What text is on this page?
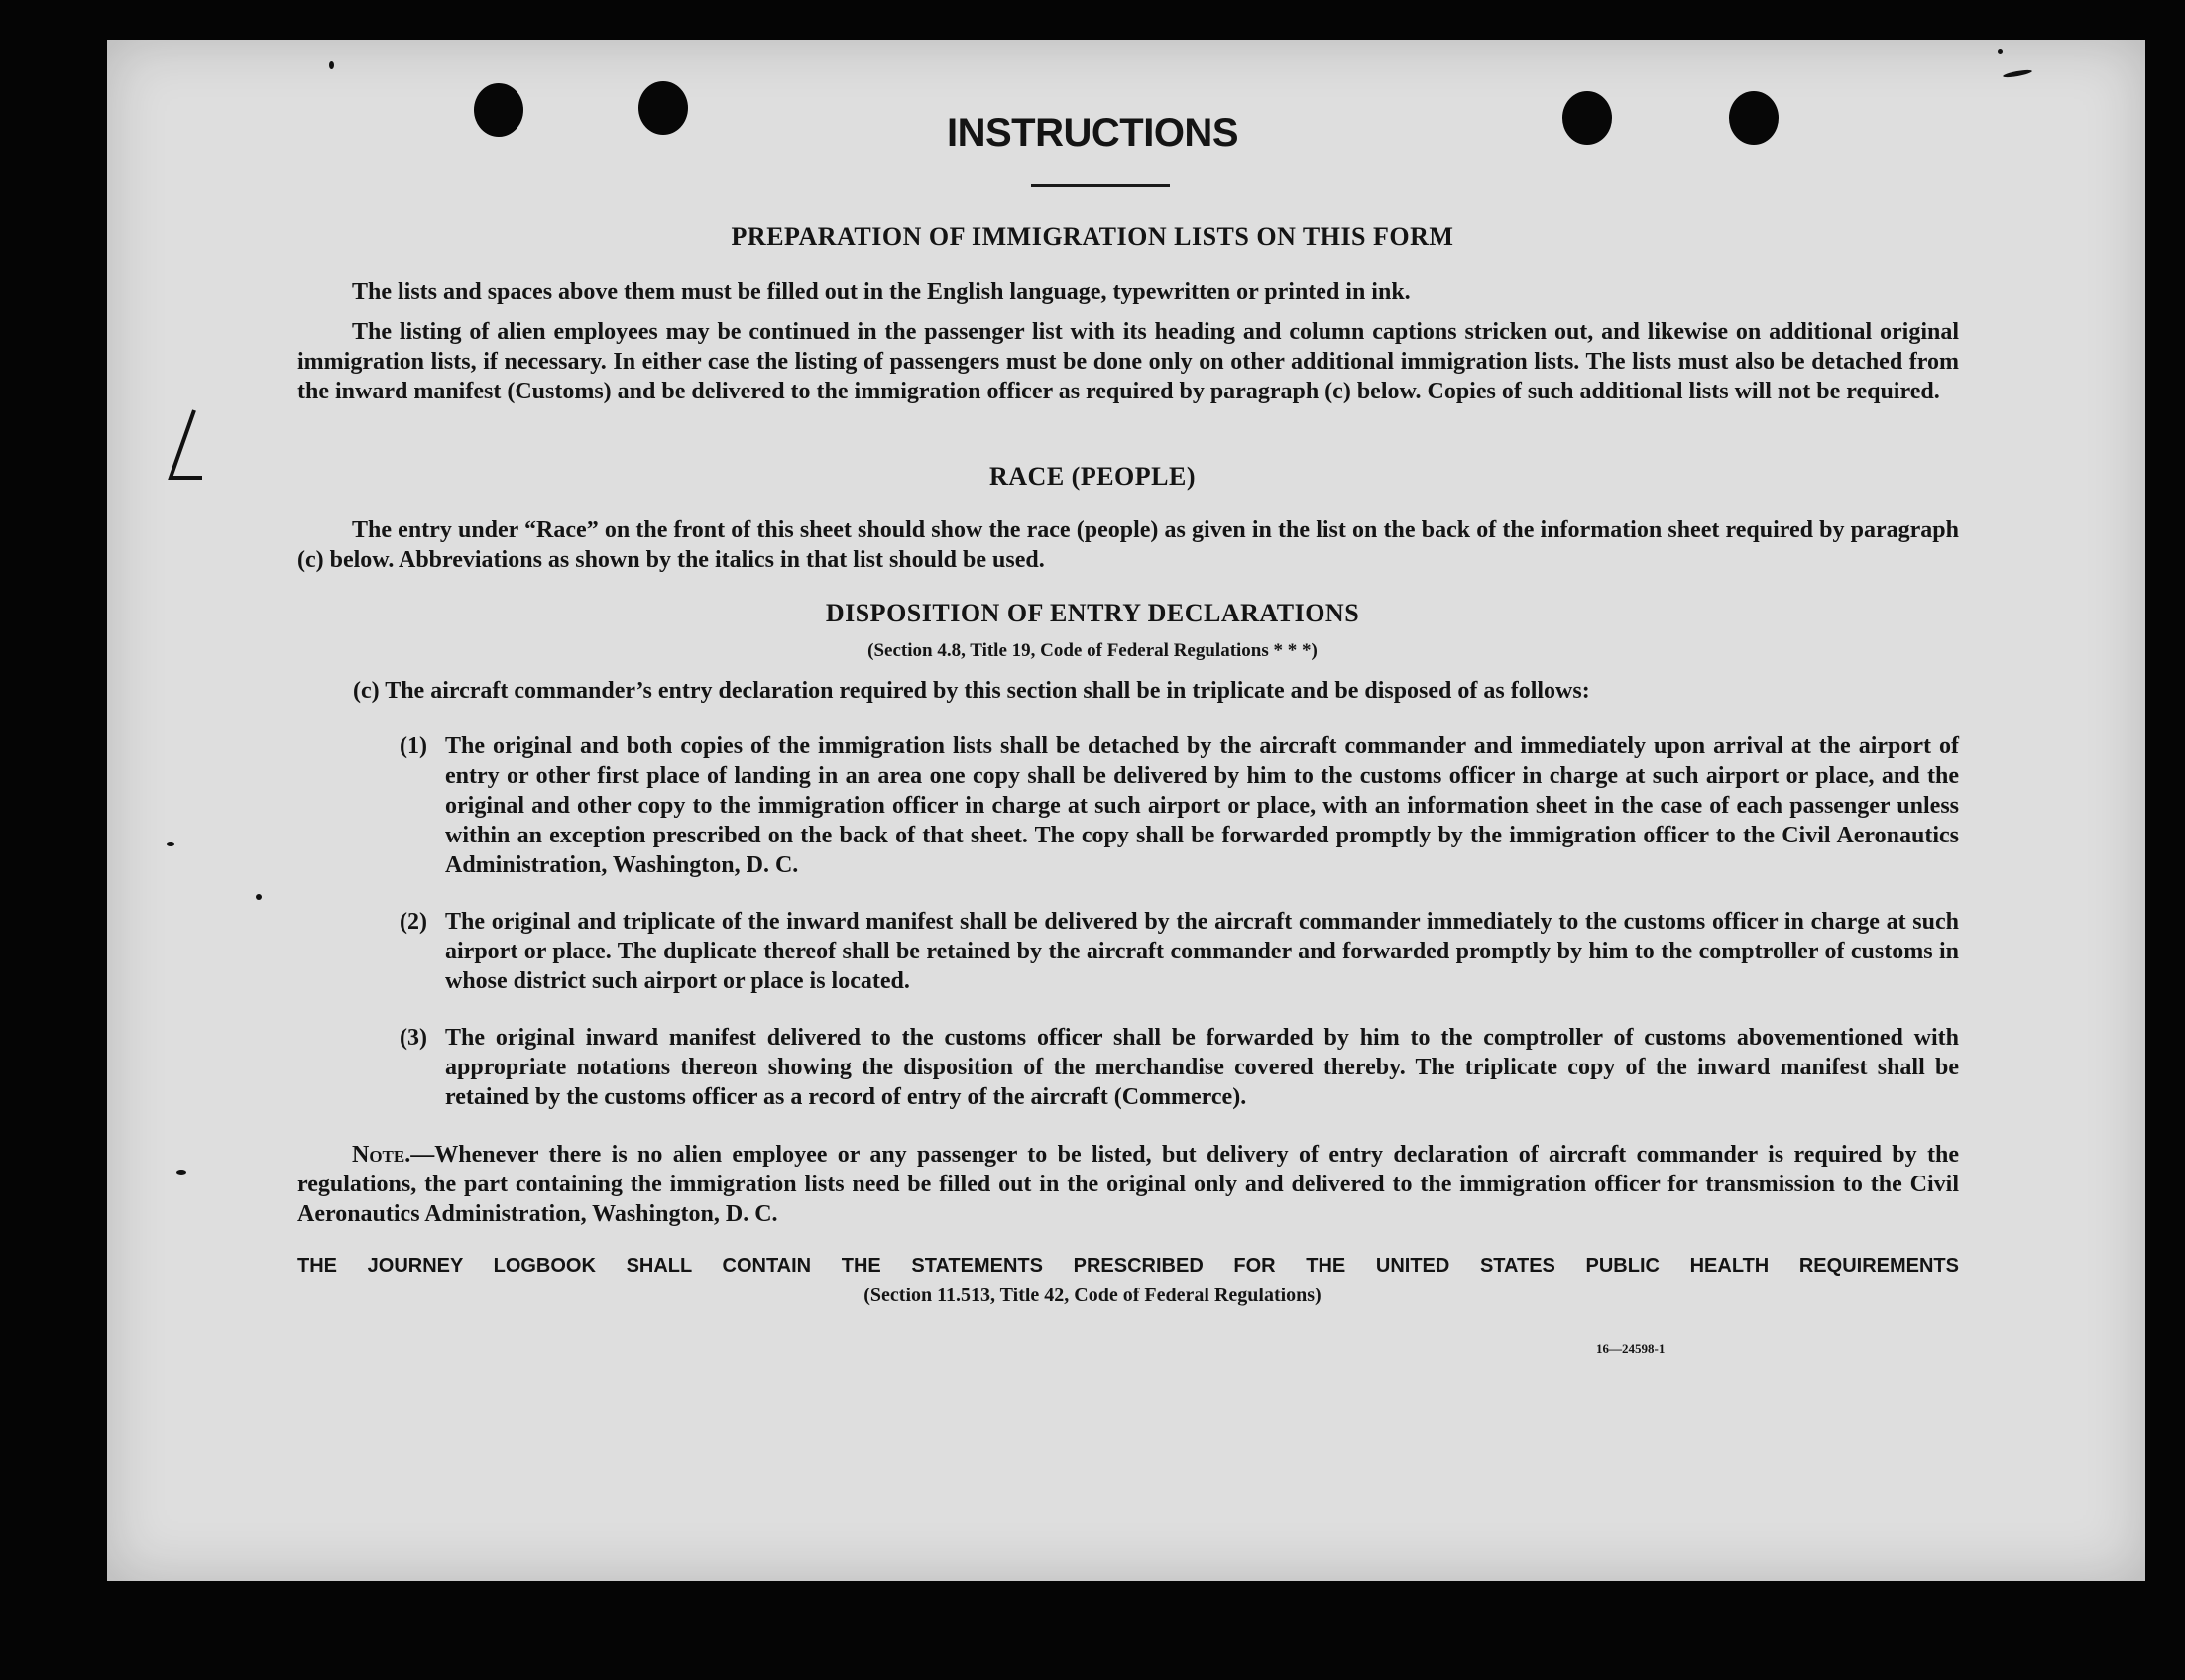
INSTRUCTIONS
PREPARATION OF IMMIGRATION LISTS ON THIS FORM

The lists and spaces above them must be filled out in the English language, typewritten or printed in ink.

The listing of alien employees may be continued in the passenger list with its heading and column captions stricken out, and likewise on additional original immigration lists, if necessary. In either case the listing of passengers must be done only on other additional immigration lists. The lists must also be detached from the inward manifest (Customs) and be delivered to the immigration officer as required by paragraph (c) below. Copies of such additional lists will not be required.

RACE (PEOPLE)

The entry under “Race” on the front of this sheet should show the race (people) as given in the list on the back of the information sheet required by paragraph (c) below. Abbreviations as shown by the italics in that list should be used.

DISPOSITION OF ENTRY DECLARATIONS
(Section 4.8, Title 19, Code of Federal Regulations * * *)

(c) The aircraft commander’s entry declaration required by this section shall be in triplicate and be disposed of as follows:

(1) The original and both copies of the immigration lists shall be detached by the aircraft commander and immediately upon arrival at the airport of entry or other first place of landing in an area one copy shall be delivered by him to the customs officer in charge at such airport or place, and the original and other copy to the immigration officer in charge at such airport or place, with an information sheet in the case of each passenger unless within an exception prescribed on the back of that sheet. The copy shall be forwarded promptly by the immigration officer to the Civil Aeronautics Administration, Washington, D. C.
(2) The original and triplicate of the inward manifest shall be delivered by the aircraft commander immediately to the customs officer in charge at such airport or place. The duplicate thereof shall be retained by the aircraft commander and forwarded promptly by him to the comptroller of customs in whose district such airport or place is located.
(3) The original inward manifest delivered to the customs officer shall be forwarded by him to the comptroller of customs abovementioned with appropriate notations thereon showing the disposition of the merchandise covered thereby. The triplicate copy of the inward manifest shall be retained by the customs officer as a record of entry of the aircraft (Commerce).

Note.—Whenever there is no alien employee or any passenger to be listed, but delivery of entry declaration of aircraft commander is required by the regulations, the part containing the immigration lists need be filled out in the original only and delivered to the immigration officer for transmission to the Civil Aeronautics Administration, Washington, D. C.

THE JOURNEY LOGBOOK SHALL CONTAIN THE STATEMENTS PRESCRIBED FOR THE UNITED STATES PUBLIC HEALTH REQUIREMENTS
(Section 11.513, Title 42, Code of Federal Regulations)
16—24598-1
